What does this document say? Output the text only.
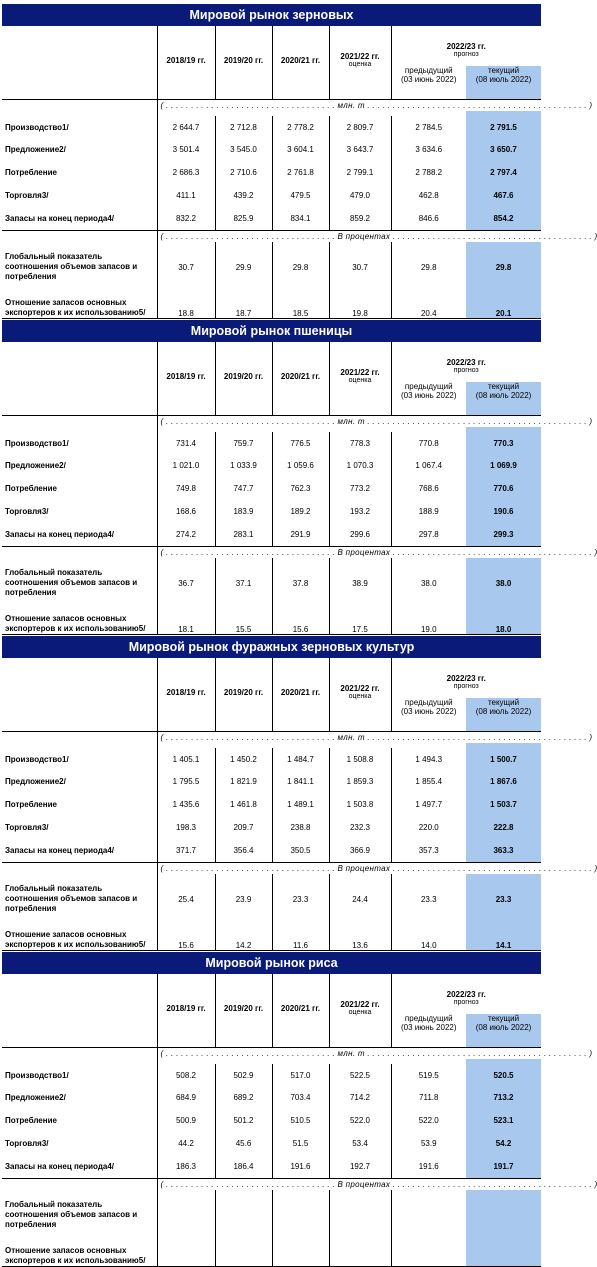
Мировой рынок зерновых
	2018/19 гг.	2019/20 гг.	2020/21 гг.	2021/22 гг.
оценка	2022/23 гг.
прогноз	

					предыдущий
(03 июнь 2022)	текущий
(08 июль 2022)

	( . . . . . . . . . . . . . . . . . . . . . . . . . . . . . . . . . . млн. т . . . . . . . . . . . . . . . . . . . . . . . . . . . . . . . . . . . . . . . . . . . . )					

Производство1/	2 644.7	2 712.8	2 778.2	2 809.7	2 784.5	2 791.5
Предложение2/	3 501.4	3 545.0	3 604.1	3 643.7	3 634.6	3 650.7
Потребление	2 686.3	2 710.6	2 761.8	2 799.1	2 788.2	2 797.4
Торговля3/	411.1	439.2	479.5	479.0	462.8	467.6
Запасы на конец периода4/	832.2	825.9	834.1	859.2	846.6	854.2
	( . . . . . . . . . . . . . . . . . . . . . . . . . . . . . . . . . . В процентах . . . . . . . . . . . . . . . . . . . . . . . . . . . . . . . . . . . . . . . . )					

Глобальный показатель соотношения объемов запасов и потребления	30.7	29.9	29.8	30.7	29.8	29.8
Отношение запасов основных экспортеров к их использованию5/	18.8	18.7	18.5	19.8	20.4	20.1
Мировой рынок пшеницы
	2018/19 гг.	2019/20 гг.	2020/21 гг.	2021/22 гг.
оценка	2022/23 гг.
прогноз	

					предыдущий
(03 июнь 2022)	текущий
(08 июль 2022)

	( . . . . . . . . . . . . . . . . . . . . . . . . . . . . . . . . . . млн. т . . . . . . . . . . . . . . . . . . . . . . . . . . . . . . . . . . . . . . . . . . . . )					

Производство1/	731.4	759.7	776.5	778.3	770.8	770.3
Предложение2/	1 021.0	1 033.9	1 059.6	1 070.3	1 067.4	1 069.9
Потребление	749.8	747.7	762.3	773.2	768.6	770.6
Торговля3/	168.6	183.9	189.2	193.2	188.9	190.6
Запасы на конец периода4/	274.2	283.1	291.9	299.6	297.8	299.3
	( . . . . . . . . . . . . . . . . . . . . . . . . . . . . . . . . . . В процентах . . . . . . . . . . . . . . . . . . . . . . . . . . . . . . . . . . . . . . . . )					

Глобальный показатель соотношения объемов запасов и потребления	36.7	37.1	37.8	38.9	38.0	38.0
Отношение запасов основных экспортеров к их использованию5/	18.1	15.5	15.6	17.5	19.0	18.0
Мировой рынок фуражных зерновых культур
	2018/19 гг.	2019/20 гг.	2020/21 гг.	2021/22 гг.
оценка	2022/23 гг.
прогноз	

					предыдущий
(03 июнь 2022)	текущий
(08 июль 2022)

	( . . . . . . . . . . . . . . . . . . . . . . . . . . . . . . . . . . млн. т . . . . . . . . . . . . . . . . . . . . . . . . . . . . . . . . . . . . . . . . . . . . )					

Производство1/	1 405.1	1 450.2	1 484.7	1 508.8	1 494.3	1 500.7
Предложение2/	1 795.5	1 821.9	1 841.1	1 859.3	1 855.4	1 867.6
Потребление	1 435.6	1 461.8	1 489.1	1 503.8	1 497.7	1 503.7
Торговля3/	198.3	209.7	238.8	232.3	220.0	222.8
Запасы на конец периода4/	371.7	356.4	350.5	366.9	357.3	363.3
	( . . . . . . . . . . . . . . . . . . . . . . . . . . . . . . . . . . В процентах . . . . . . . . . . . . . . . . . . . . . . . . . . . . . . . . . . . . . . . . )					

Глобальный показатель соотношения объемов запасов и потребления	25.4	23.9	23.3	24.4	23.3	23.3
Отношение запасов основных экспортеров к их использованию5/	15.6	14.2	11.6	13.6	14.0	14.1
Мировой рынок риса
	2018/19 гг.	2019/20 гг.	2020/21 гг.	2021/22 гг.
оценка	2022/23 гг.
прогноз	

					предыдущий
(03 июнь 2022)	текущий
(08 июль 2022)

	( . . . . . . . . . . . . . . . . . . . . . . . . . . . . . . . . . . млн. т . . . . . . . . . . . . . . . . . . . . . . . . . . . . . . . . . . . . . . . . . . . . )					

Производство1/	508.2	502.9	517.0	522.5	519.5	520.5
Предложение2/	684.9	689.2	703.4	714.2	711.8	713.2
Потребление	500.9	501.2	510.5	522.0	522.0	523.1
Торговля3/	44.2	45.6	51.5	53.4	53.9	54.2
Запасы на конец периода4/	186.3	186.4	191.6	192.7	191.6	191.7
	( . . . . . . . . . . . . . . . . . . . . . . . . . . . . . . . . . . В процентах . . . . . . . . . . . . . . . . . . . . . . . . . . . . . . . . . . . . . . . . )					

Глобальный показатель соотношения объемов запасов и потребления						
Отношение запасов основных экспортеров к их использованию5/						
